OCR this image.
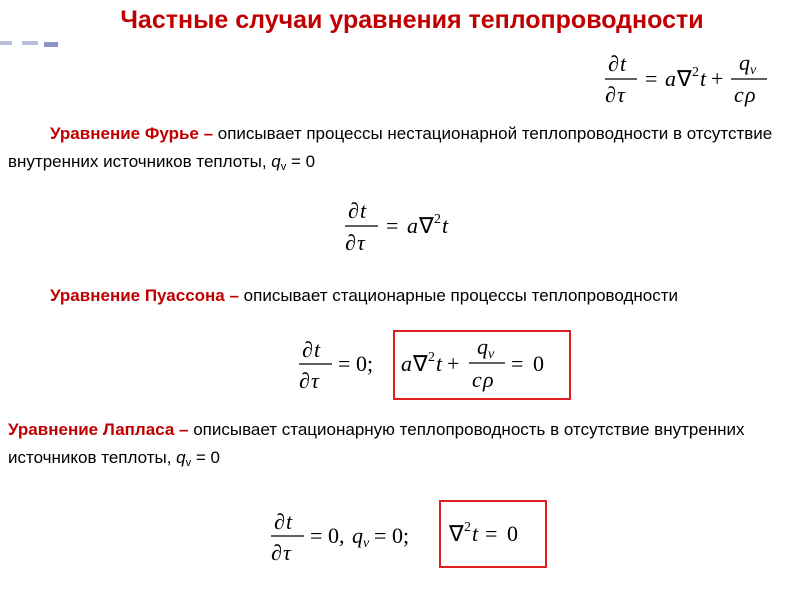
Частные случаи уравнения теплопроводности
∂ t
∂ τ
= a ∇ 2 t +
q v
c ρ
Уравнение Фурье – описывает процессы нестационарной теплопроводности в отсутствие внутренних источников теплоты, $q_v = 0$
∂ t
∂ τ
= a ∇ 2 t
Уравнение Пуассона – описывает стационарные процессы теплопроводности
∂ t
∂ τ
= 0; a ∇ 2 t +
q v
c ρ
= 0
Уравнение Лапласа – описывает стационарную теплопроводность в отсутствие внутренних источников теплоты, $q_v = 0$
∂ t
∂ τ
= 0, q v = 0; ∇ 2 t = 0
